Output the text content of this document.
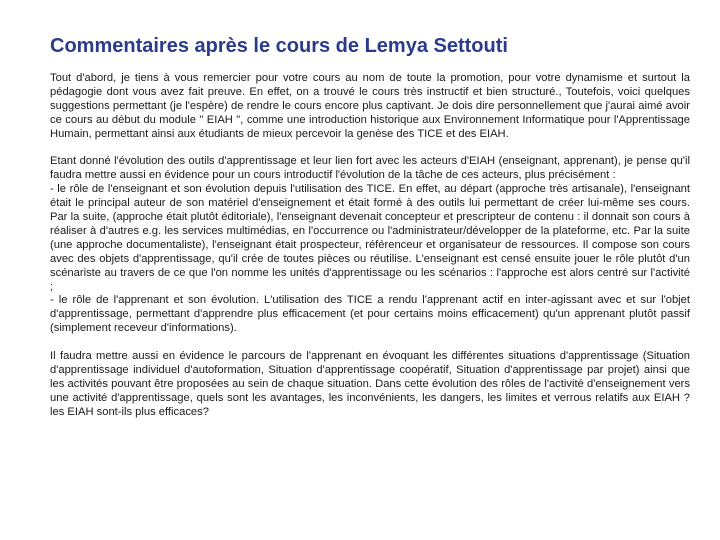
Commentaires après le cours de Lemya Settouti

Tout d'abord, je tiens à vous remercier pour votre cours au nom de toute la promotion, pour votre dynamisme et surtout la pédagogie dont vous avez fait preuve. En effet, on a trouvé le cours très instructif et bien structuré., Toutefois, voici quelques suggestions permettant (je l'espère) de rendre le cours encore plus captivant. Je dois dire personnellement que j'aurai aimé avoir ce cours au début du module " EIAH ", comme une introduction historique aux Environnement Informatique pour l'Apprentissage Humain, permettant ainsi aux étudiants de mieux percevoir la genèse des TICE et des EIAH.

Etant donné l'évolution des outils d'apprentissage et leur lien fort avec les acteurs d'EIAH (enseignant, apprenant), je pense qu'il faudra mettre aussi en évidence pour un cours introductif l'évolution de la tâche de ces acteurs, plus précisément :
- le rôle de l'enseignant et son évolution depuis l'utilisation des TICE. En effet, au départ (approche très artisanale), l'enseignant était le principal auteur de son matériel d'enseignement et était formé à des outils lui permettant de créer lui-même ses cours. Par la suite, (approche était plutôt éditoriale), l'enseignant devenait concepteur et prescripteur de contenu : il donnait son cours à réaliser à d'autres e.g. les services multimédias, en l'occurrence ou l'administrateur/développer de la plateforme, etc. Par la suite (une approche documentaliste), l'enseignant était prospecteur, référenceur et organisateur de ressources. Il compose son cours avec des objets d'apprentissage, qu'il crée de toutes pièces ou réutilise. L'enseignant est censé ensuite jouer le rôle plutôt d'un scénariste au travers de ce que l'on nomme les unités d'apprentissage ou les scénarios : l'approche est alors centré sur l'activité ;
- le rôle de l'apprenant et son évolution. L'utilisation des TICE a rendu l'apprenant actif en inter-agissant avec et sur l'objet d'apprentissage, permettant d'apprendre plus efficacement (et pour certains moins efficacement) qu'un apprenant plutôt passif (simplement receveur d'informations).

Il faudra mettre aussi en évidence le parcours de l'apprenant en évoquant les différentes situations d'apprentissage (Situation d'apprentissage individuel d'autoformation, Situation d'apprentissage coopératif, Situation d'apprentissage par projet) ainsi que les activités pouvant être proposées au sein de chaque situation. Dans cette évolution des rôles de l'activité d'enseignement vers une activité d'apprentissage, quels sont les avantages, les inconvénients, les dangers, les limites et verrous relatifs aux EIAH ? les EIAH sont-ils plus efficaces?
